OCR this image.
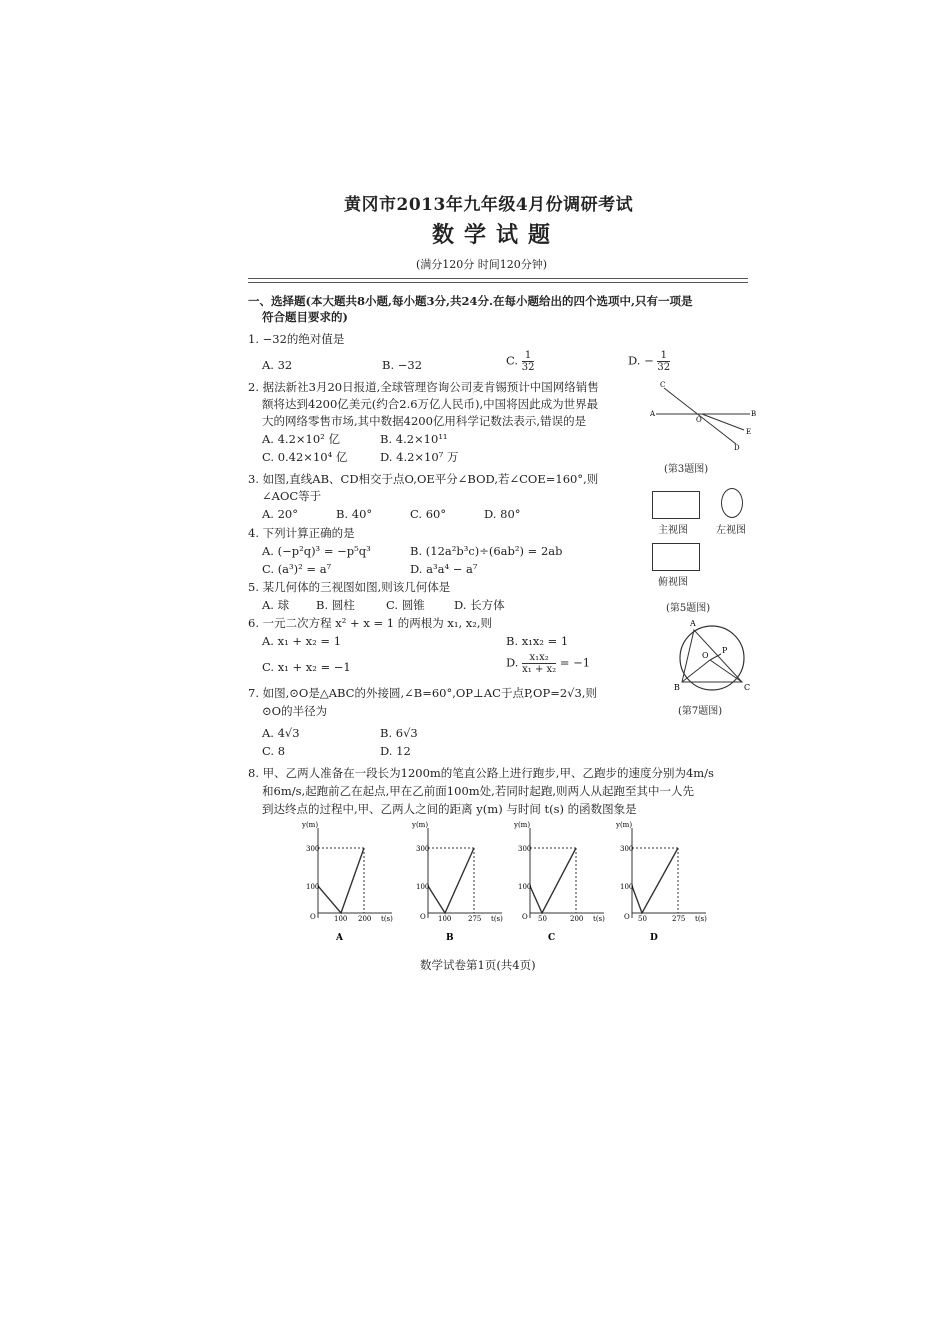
黄冈市2013年九年级4月份调研考试
数学试题
(满分120分 时间120分钟)
一、选择题(本大题共8小题,每小题3分,共24分.在每小题给出的四个选项中,只有一项是
符合题目要求的)
1. −32的绝对值是
A. 32	B. −32	C. $\frac{1}{32}$	D. − $\frac{1}{32}$
2. 据法新社3月20日报道,全球管理咨询公司麦肯锡预计中国网络销售
额将达到4200亿美元(约合2.6万亿人民币),中国将因此成为世界最
大的网络零售市场,其中数据4200亿用科学记数法表示,错误的是
A. 4.2×10² 亿	B. 4.2×10¹¹
C. 0.42×10⁴ 亿	D. 4.2×10⁷ 万
C
A
O
B
E
D
(第3题图)
3. 如图,直线AB、CD相交于点O,OE平分∠BOD,若∠COE=160°,则
∠AOC等于
A. 20°	B. 40°	C. 60°	D. 80°
主视图	左视图
俯视图
(第5题图)
4. 下列计算正确的是
A. (−p²q)³ = −p⁵q³	B. (12a²b³c)÷(6ab²) = 2ab
C. (a³)² = a⁷	D. a³a⁴ − a⁷
5. 某几何体的三视图如图,则该几何体是
A. 球 B. 圆柱	C. 圆锥	D. 长方体
6. 一元二次方程 x² + x = 1 的两根为 x₁, x₂,则
A. x₁ + x₂ = 1	B. x₁x₂ = 1
C. x₁ + x₂ = −1	D. $\frac{\text{x₁x₂}}{\text{x₁ + x₂}} = -1$
A
O
P
B	C
(第7题图)
7. 如图,⊙O是△ABC的外接圆,∠B=60°,OP⊥AC于点P,OP=2√3,则
⊙O的半径为
A. 4√3	B. 6√3
C. 8	D. 12
8. 甲、乙两人准备在一段长为1200m的笔直公路上进行跑步,甲、乙跑步的速度分别为4m/s
和6m/s,起跑前乙在起点,甲在乙前面100m处,若同时起跑,则两人从起跑至其中一人先
到达终点的过程中,甲、乙两人之间的距离 y(m) 与时间 t(s) 的函数图象是
y(m)
100
300
O	100 200 t(s)
A
y(m)
100
300
O 100 275 t(s)
B
y(m)
100
300
O 50	200 t(s)
C
y(m)
100
300
O 50	275 t(s)
D
数学试卷第1页(共4页)
